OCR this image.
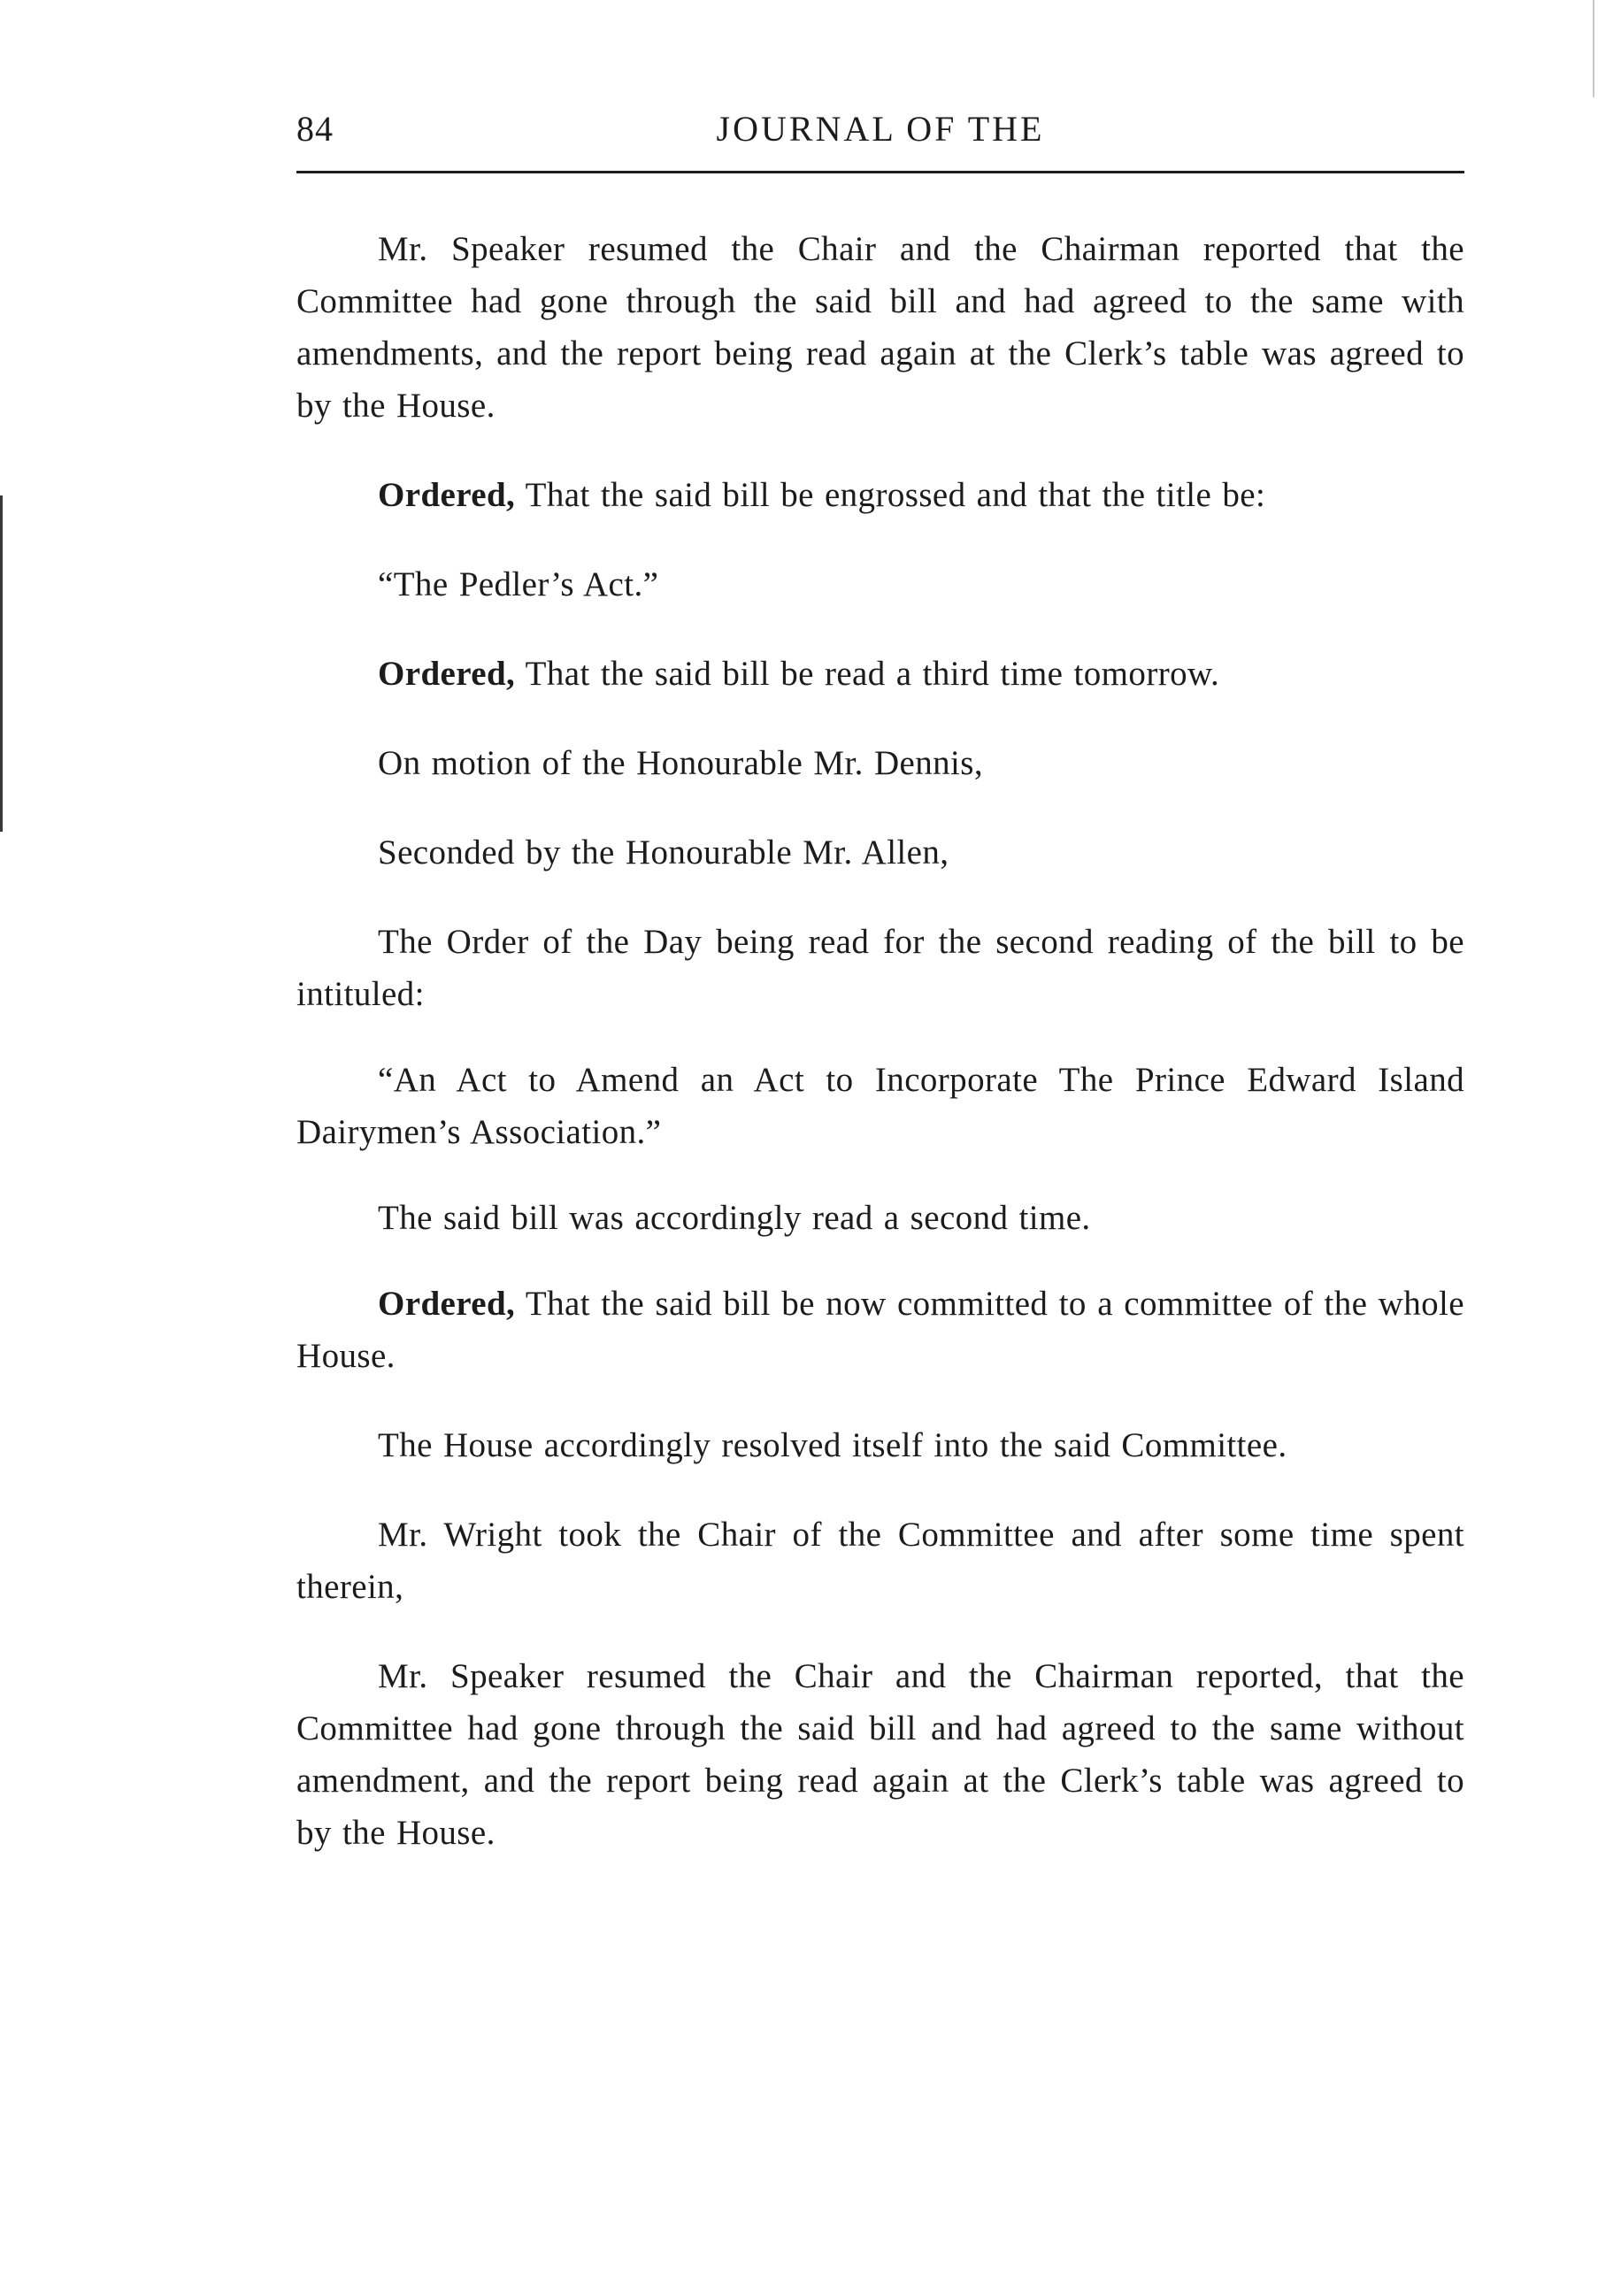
84	JOURNAL OF THE

Mr. Speaker resumed the Chair and the Chairman reported that the Committee had gone through the said bill and had agreed to the same with amendments, and the report being read again at the Clerk’s table was agreed to by the House.

Ordered, That the said bill be engrossed and that the title be:

“The Pedler’s Act.”

Ordered, That the said bill be read a third time tomorrow.

On motion of the Honourable Mr. Dennis,

Seconded by the Honourable Mr. Allen,

The Order of the Day being read for the second reading of the bill to be intituled:

“An Act to Amend an Act to Incorporate The Prince Edward Island Dairymen’s Association.”

The said bill was accordingly read a second time.

Ordered, That the said bill be now committed to a committee of the whole House.

The House accordingly resolved itself into the said Committee.

Mr. Wright took the Chair of the Committee and after some time spent therein,

Mr. Speaker resumed the Chair and the Chairman reported, that the Committee had gone through the said bill and had agreed to the same without amendment, and the report being read again at the Clerk’s table was agreed to by the House.
